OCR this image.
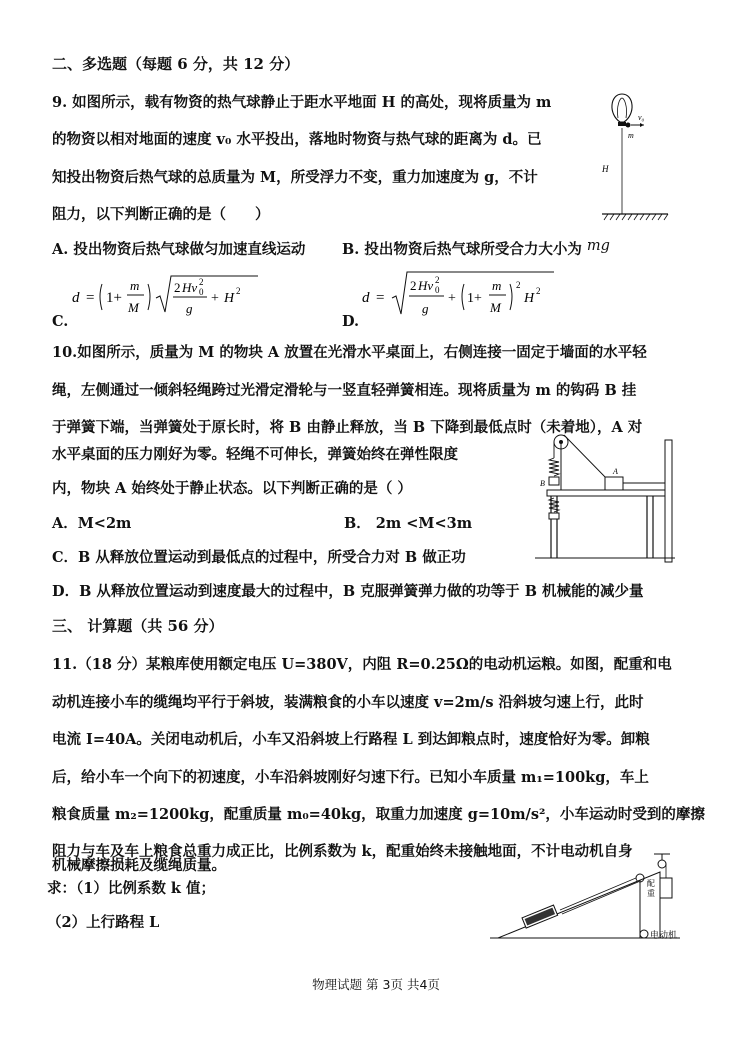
二、多选题（每题 6 分，共 12 分）
9. 如图所示，载有物资的热气球静止于距水平地面 H 的高处，现将质量为 m
的物资以相对地面的速度 v₀ 水平投出，落地时物资与热气球的距离为 d。已
知投出物资后热气球的总质量为 M，所受浮力不变，重力加速度为 g，不计
阻力，以下判断正确的是（　　）
A. 投出物资后热气球做匀加速直线运动	B. 投出物资后热气球所受合力大小为 mg
C.
d = 1+
m
M
2 Hv 0
2
g
+ H 2
D.
d =
2 Hv 0
2
g
+ 1+
m
M
2
H 2
v₀
m
H
10.如图所示，质量为 M 的物块 A 放置在光滑水平桌面上，右侧连接一固定于墙面的水平轻
绳，左侧通过一倾斜轻绳跨过光滑定滑轮与一竖直轻弹簧相连。现将质量为 m 的钩码 B 挂
于弹簧下端，当弹簧处于原长时，将 B 由静止释放，当 B 下降到最低点时（未着地），A 对
水平桌面的压力刚好为零。轻绳不可伸长，弹簧始终在弹性限度
内，物块 A 始终处于静止状态。以下判断正确的是（ ）
A．M<2m	B． 2m <M<3m
C．B 从释放位置运动到最低点的过程中，所受合力对 B 做正功
D．B 从释放位置运动到速度最大的过程中，B 克服弹簧弹力做的功等于 B 机械能的减少量
A
B
三、 计算题（共 56 分）
11.（18 分）某粮库使用额定电压 U=380V，内阻 R=0.25Ω的电动机运粮。如图，配重和电
动机连接小车的缆绳均平行于斜坡，装满粮食的小车以速度 v=2m/s 沿斜坡匀速上行，此时
电流 I=40A。关闭电动机后，小车又沿斜坡上行路程 L 到达卸粮点时，速度恰好为零。卸粮
后，给小车一个向下的初速度，小车沿斜坡刚好匀速下行。已知小车质量 m₁=100kg，车上
粮食质量 m₂=1200kg，配重质量 m₀=40kg，取重力加速度 g=10m/s²，小车运动时受到的摩擦
阻力与车及车上粮食总重力成正比，比例系数为 k，配重始终未接触地面，不计电动机自身
机械摩擦损耗及缆绳质量。
求：（1）比例系数 k 值；
（2）上行路程 L
配
重
电动机
物理试题 第 3页 共4页
